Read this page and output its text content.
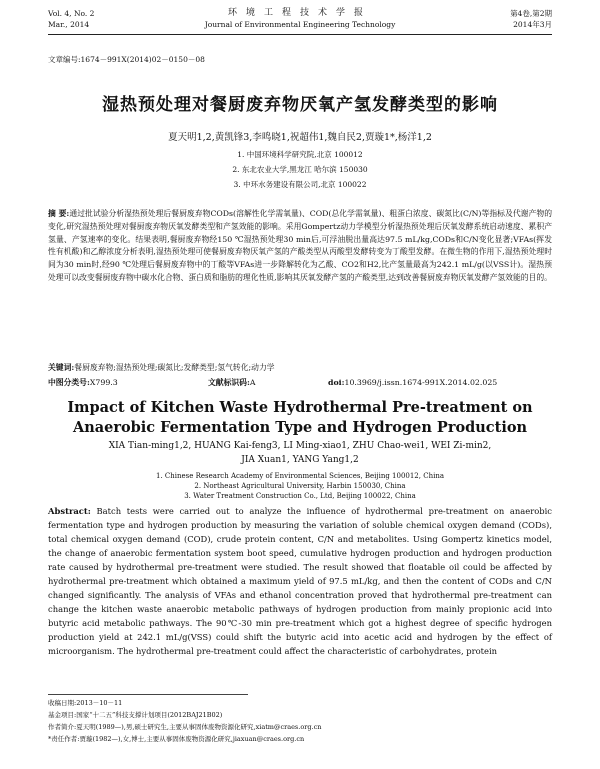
Vol. 4, No. 2
Mar., 2014
环境工程技术学报
Journal of Environmental Engineering Technology
第4卷,第2期
2014年3月
文章编号:1674－991X(2014)02－0150－08
湿热预处理对餐厨废弃物厌氧产氢发酵类型的影响
夏天明1,2,黄凯锋3,李鸣晓1,祝超伟1,魏自民2,贾璇1*,杨洋1,2
1. 中国环境科学研究院,北京 100012
2. 东北农业大学,黑龙江 哈尔滨 150030
3. 中环水务建设有限公司,北京 100022
摘 要:通过批试验分析湿热预处理后餐厨废弃物CODs(溶解性化学需氧量)、COD(总化学需氧量)、粗蛋白浓度、碳氮比(C/N)等指标及代谢产物的变化,研究湿热预处理对餐厨废弃物厌氧发酵类型和产氢效能的影响。采用Gompertz动力学模型分析湿热预处理后厌氧发酵系统启动速度、累积产氢量、产氢速率的变化。结果表明,餐厨废弃物经150 ℃湿热预处理30 min后,可浮油脱出量高达97.5 mL/kg,CODs和C/N变化显著;VFAs(挥发性有机酸)和乙醇浓度分析表明,湿热预处理可使餐厨废弃物厌氧产氢的产酸类型从丙酸型发酵转变为丁酸型发酵。在微生物的作用下,湿热预处理时间为30 min时,经90 ℃处理后餐厨废弃物中的丁酸等VFAs进一步降解转化为乙酸、CO2和H2,比产氢量最高为242.1 mL/g(以VSS计)。湿热预处理可以改变餐厨废弃物中碳水化合物、蛋白质和脂肪的理化性质,影响其厌氧发酵产氢的产酸类型,达到改善餐厨废弃物厌氧发酵产氢效能的目的。
关键词:餐厨废弃物;湿热预处理;碳氮比;发酵类型;氢气转化;动力学
中图分类号:X799.3	文献标识码:A	doi:10.3969/j.issn.1674-991X.2014.02.025
Impact of Kitchen Waste Hydrothermal Pre-treatment on Anaerobic Fermentation Type and Hydrogen Production
XIA Tian-ming1,2, HUANG Kai-feng3, LI Ming-xiao1, ZHU Chao-wei1, WEI Zi-min2,
JIA Xuan1, YANG Yang1,2
1. Chinese Research Academy of Environmental Sciences, Beijing 100012, China
Abstract: Batch tests were carried out to analyze the influence of hydrothermal pre-treatment on anaerobic fermentation type and hydrogen production by measuring the variation of soluble chemical oxygen demand (CODs), total chemical oxygen demand (COD), crude protein content, C/N and metabolites. Using Gompertz kinetics model, the change of anaerobic fermentation system boot speed, cumulative hydrogen production and hydrogen production rate caused by hydrothermal pre-treatment were studied. The result showed that floatable oil could be affected by hydrothermal pre-treatment which obtained a maximum yield of 97.5 mL/kg, and then the content of CODs and C/N changed significantly. The analysis of VFAs and ethanol concentration proved that hydrothermal pre-treatment can change the kitchen waste anaerobic metabolic pathways of hydrogen production from mainly propionic acid into butyric acid metabolic pathways. The 90℃-30 min pre-treatment which got a highest degree of specific hydrogen production yield at 242.1 mL/g(VSS) could shift the butyric acid into acetic acid and hydrogen by the effect of microorganism. The hydrothermal pre-treatment could affect the characteristic of carbohydrates, protein
收稿日期:2013－10－11
基金项目:国家“十二五”科技支撑计划项目(2012BAJ21B02)
作者简介:夏天明(1989—),男,硕士研究生,主要从事固体废物资源化研究,xiatm@craes.org.cn
*责任作者:贾璇(1982—),女,博士,主要从事固体废物资源化研究,jiaxuan@craes.org.cn
2. Northeast Agricultural University, Harbin 150030, China
3. Water Treatment Construction Co., Ltd, Beijing 100022, China
